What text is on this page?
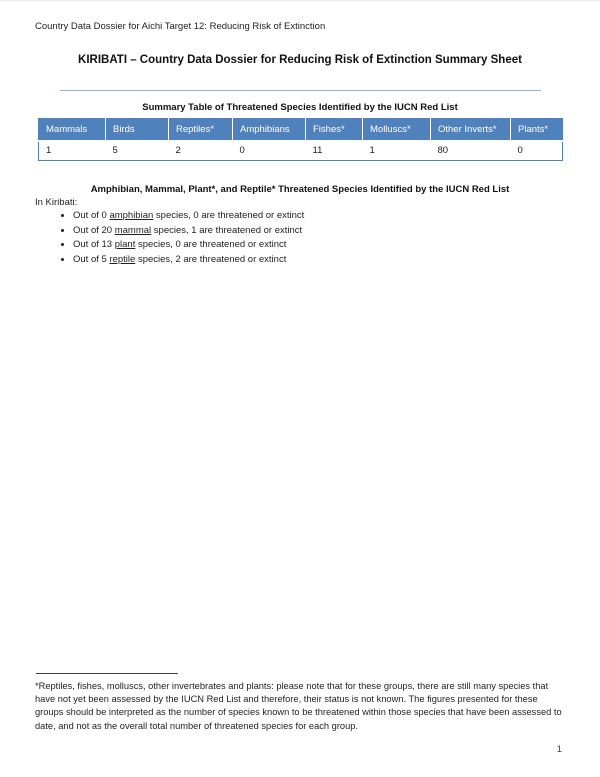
Country Data Dossier for Aichi Target 12: Reducing Risk of Extinction
KIRIBATI – Country Data Dossier for Reducing Risk of Extinction Summary Sheet
Summary Table of Threatened Species Identified by the IUCN Red List
Mammals	Birds	Reptiles*	Amphibians	Fishes*	Molluscs*	Other Inverts*	Plants*
1	5	2	0	11	1	80	0
Amphibian, Mammal, Plant*, and Reptile* Threatened Species Identified by the IUCN Red List
In Kiribati:
• Out of 0 amphibian species, 0 are threatened or extinct
• Out of 20 mammal species, 1 are threatened or extinct
• Out of 13 plant species, 0 are threatened or extinct
• Out of 5 reptile species, 2 are threatened or extinct
*Reptiles, fishes, molluscs, other invertebrates and plants: please note that for these groups, there are still many species that have not yet been assessed by the IUCN Red List and therefore, their status is not known. The figures presented for these groups should be interpreted as the number of species known to be threatened within those species that have been assessed to date, and not as the overall total number of threatened species for each group.
1
